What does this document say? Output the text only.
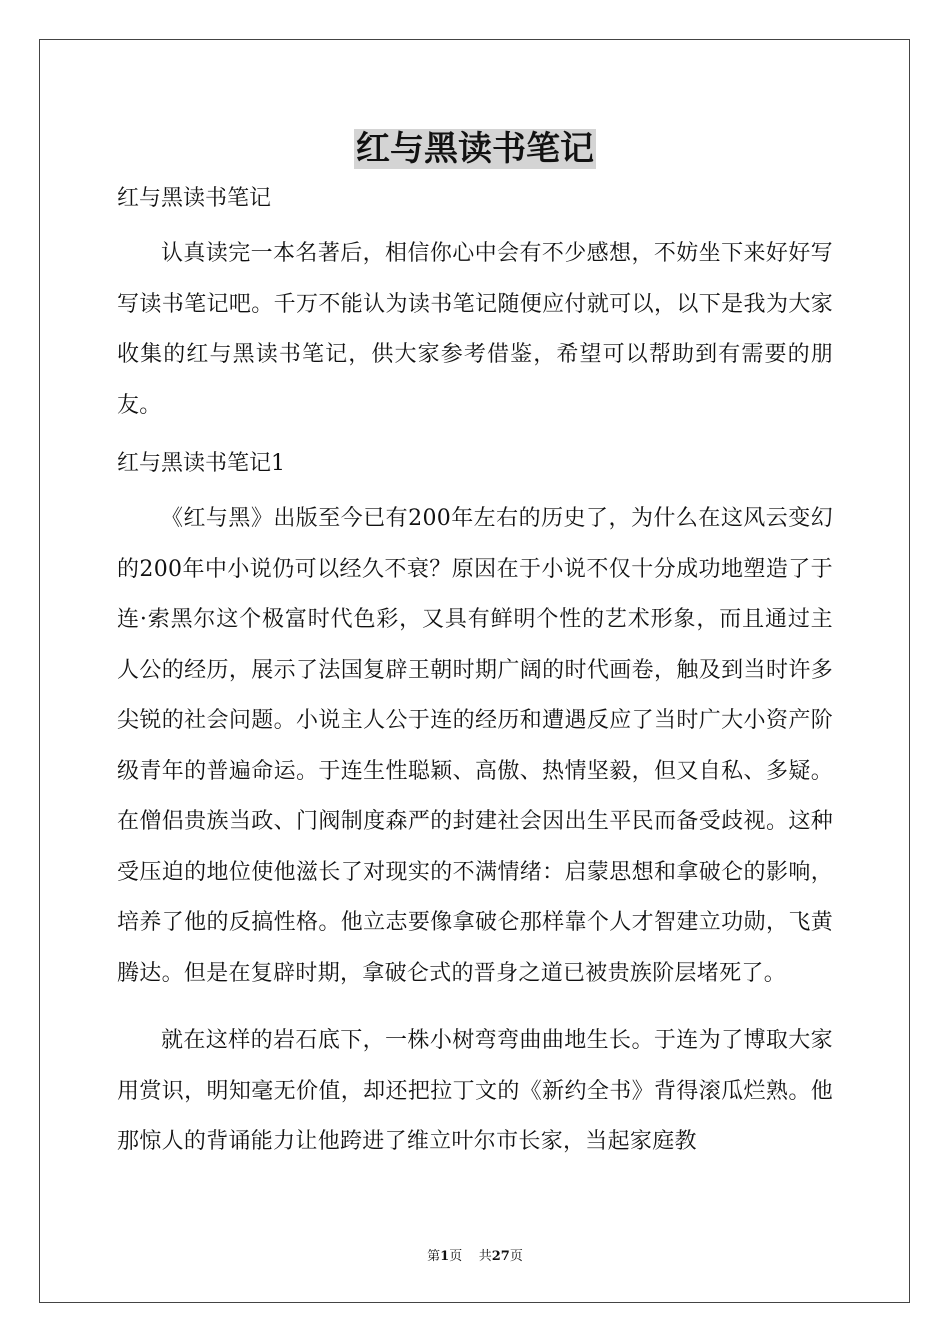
红与黑读书笔记

红与黑读书笔记

认真读完一本名著后，相信你心中会有不少感想，不妨坐下来好好写写读书笔记吧。千万不能认为读书笔记随便应付就可以，以下是我为大家收集的红与黑读书笔记，供大家参考借鉴，希望可以帮助到有需要的朋友。

红与黑读书笔记1

《红与黑》出版至今已有200年左右的历史了，为什么在这风云变幻的200年中小说仍可以经久不衰？原因在于小说不仅十分成功地塑造了于连·索黑尔这个极富时代色彩，又具有鲜明个性的艺术形象，而且通过主人公的经历，展示了法国复辟王朝时期广阔的时代画卷，触及到当时许多尖锐的社会问题。小说主人公于连的经历和遭遇反应了当时广大小资产阶级青年的普遍命运。于连生性聪颖、高傲、热情坚毅，但又自私、多疑。在僧侣贵族当政、门阀制度森严的封建社会因出生平民而备受歧视。这种受压迫的地位使他滋长了对现实的不满情绪：启蒙思想和拿破仑的影响，培养了他的反搞性格。他立志要像拿破仑那样靠个人才智建立功勋，飞黄腾达。但是在复辟时期，拿破仑式的晋身之道已被贵族阶层堵死了。

就在这样的岩石底下，一株小树弯弯曲曲地生长。于连为了博取大家用赏识，明知毫无价值，却还把拉丁文的《新约全书》背得滚瓜烂熟。他那惊人的背诵能力让他跨进了维立叶尔市长家，当起家庭教

第1页 共27页
